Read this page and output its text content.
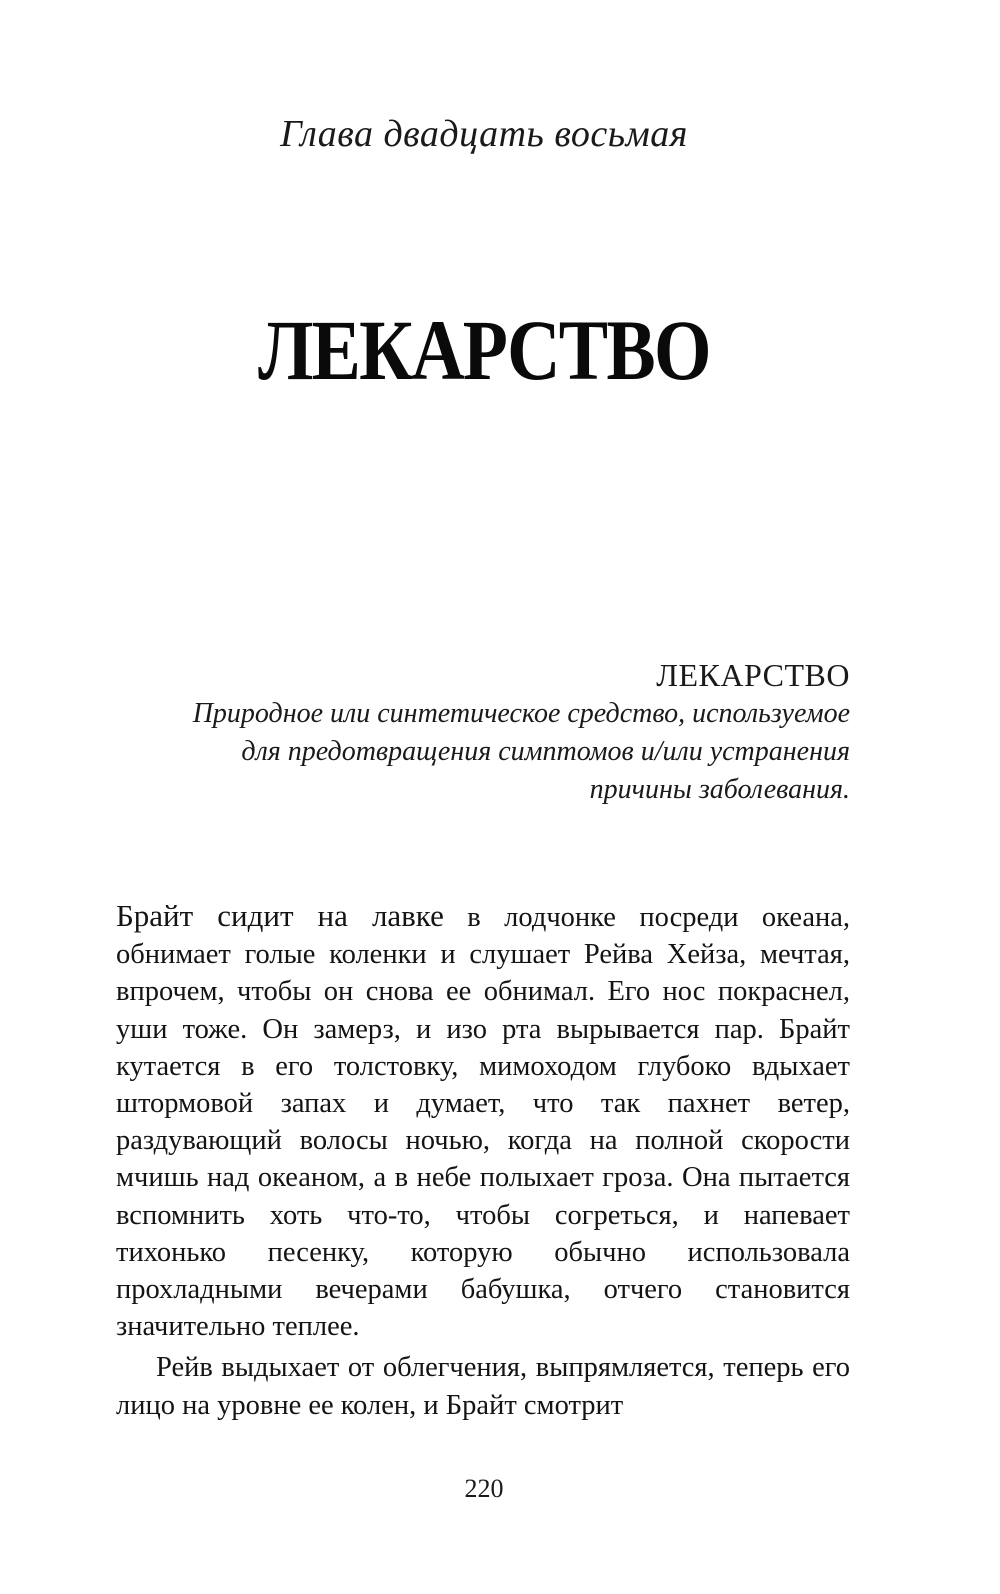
Глава двадцать восьмая
ЛЕКАРСТВО
ЛЕКАРСТВО
Природное или синтетическое средство, используемое для предотвращения симптомов и/или устранения причины заболевания.

Брайт сидит на лавке в лодчонке посреди океана, обнимает голые коленки и слушает Рейва Хейза, мечтая, впрочем, чтобы он снова ее обнимал. Его нос покраснел, уши тоже. Он замерз, и изо рта вырывается пар. Брайт кутается в его толстовку, мимоходом глубоко вдыхает штормовой запах и думает, что так пахнет ветер, раздувающий волосы ночью, когда на полной скорости мчишь над океаном, а в небе полыхает гроза. Она пытается вспомнить хоть что-то, чтобы согреться, и напевает тихонько песенку, которую обычно использовала прохладными вечерами бабушка, отчего становится значительно теплее.

Рейв выдыхает от облегчения, выпрямляется, теперь его лицо на уровне ее колен, и Брайт смотрит

220
